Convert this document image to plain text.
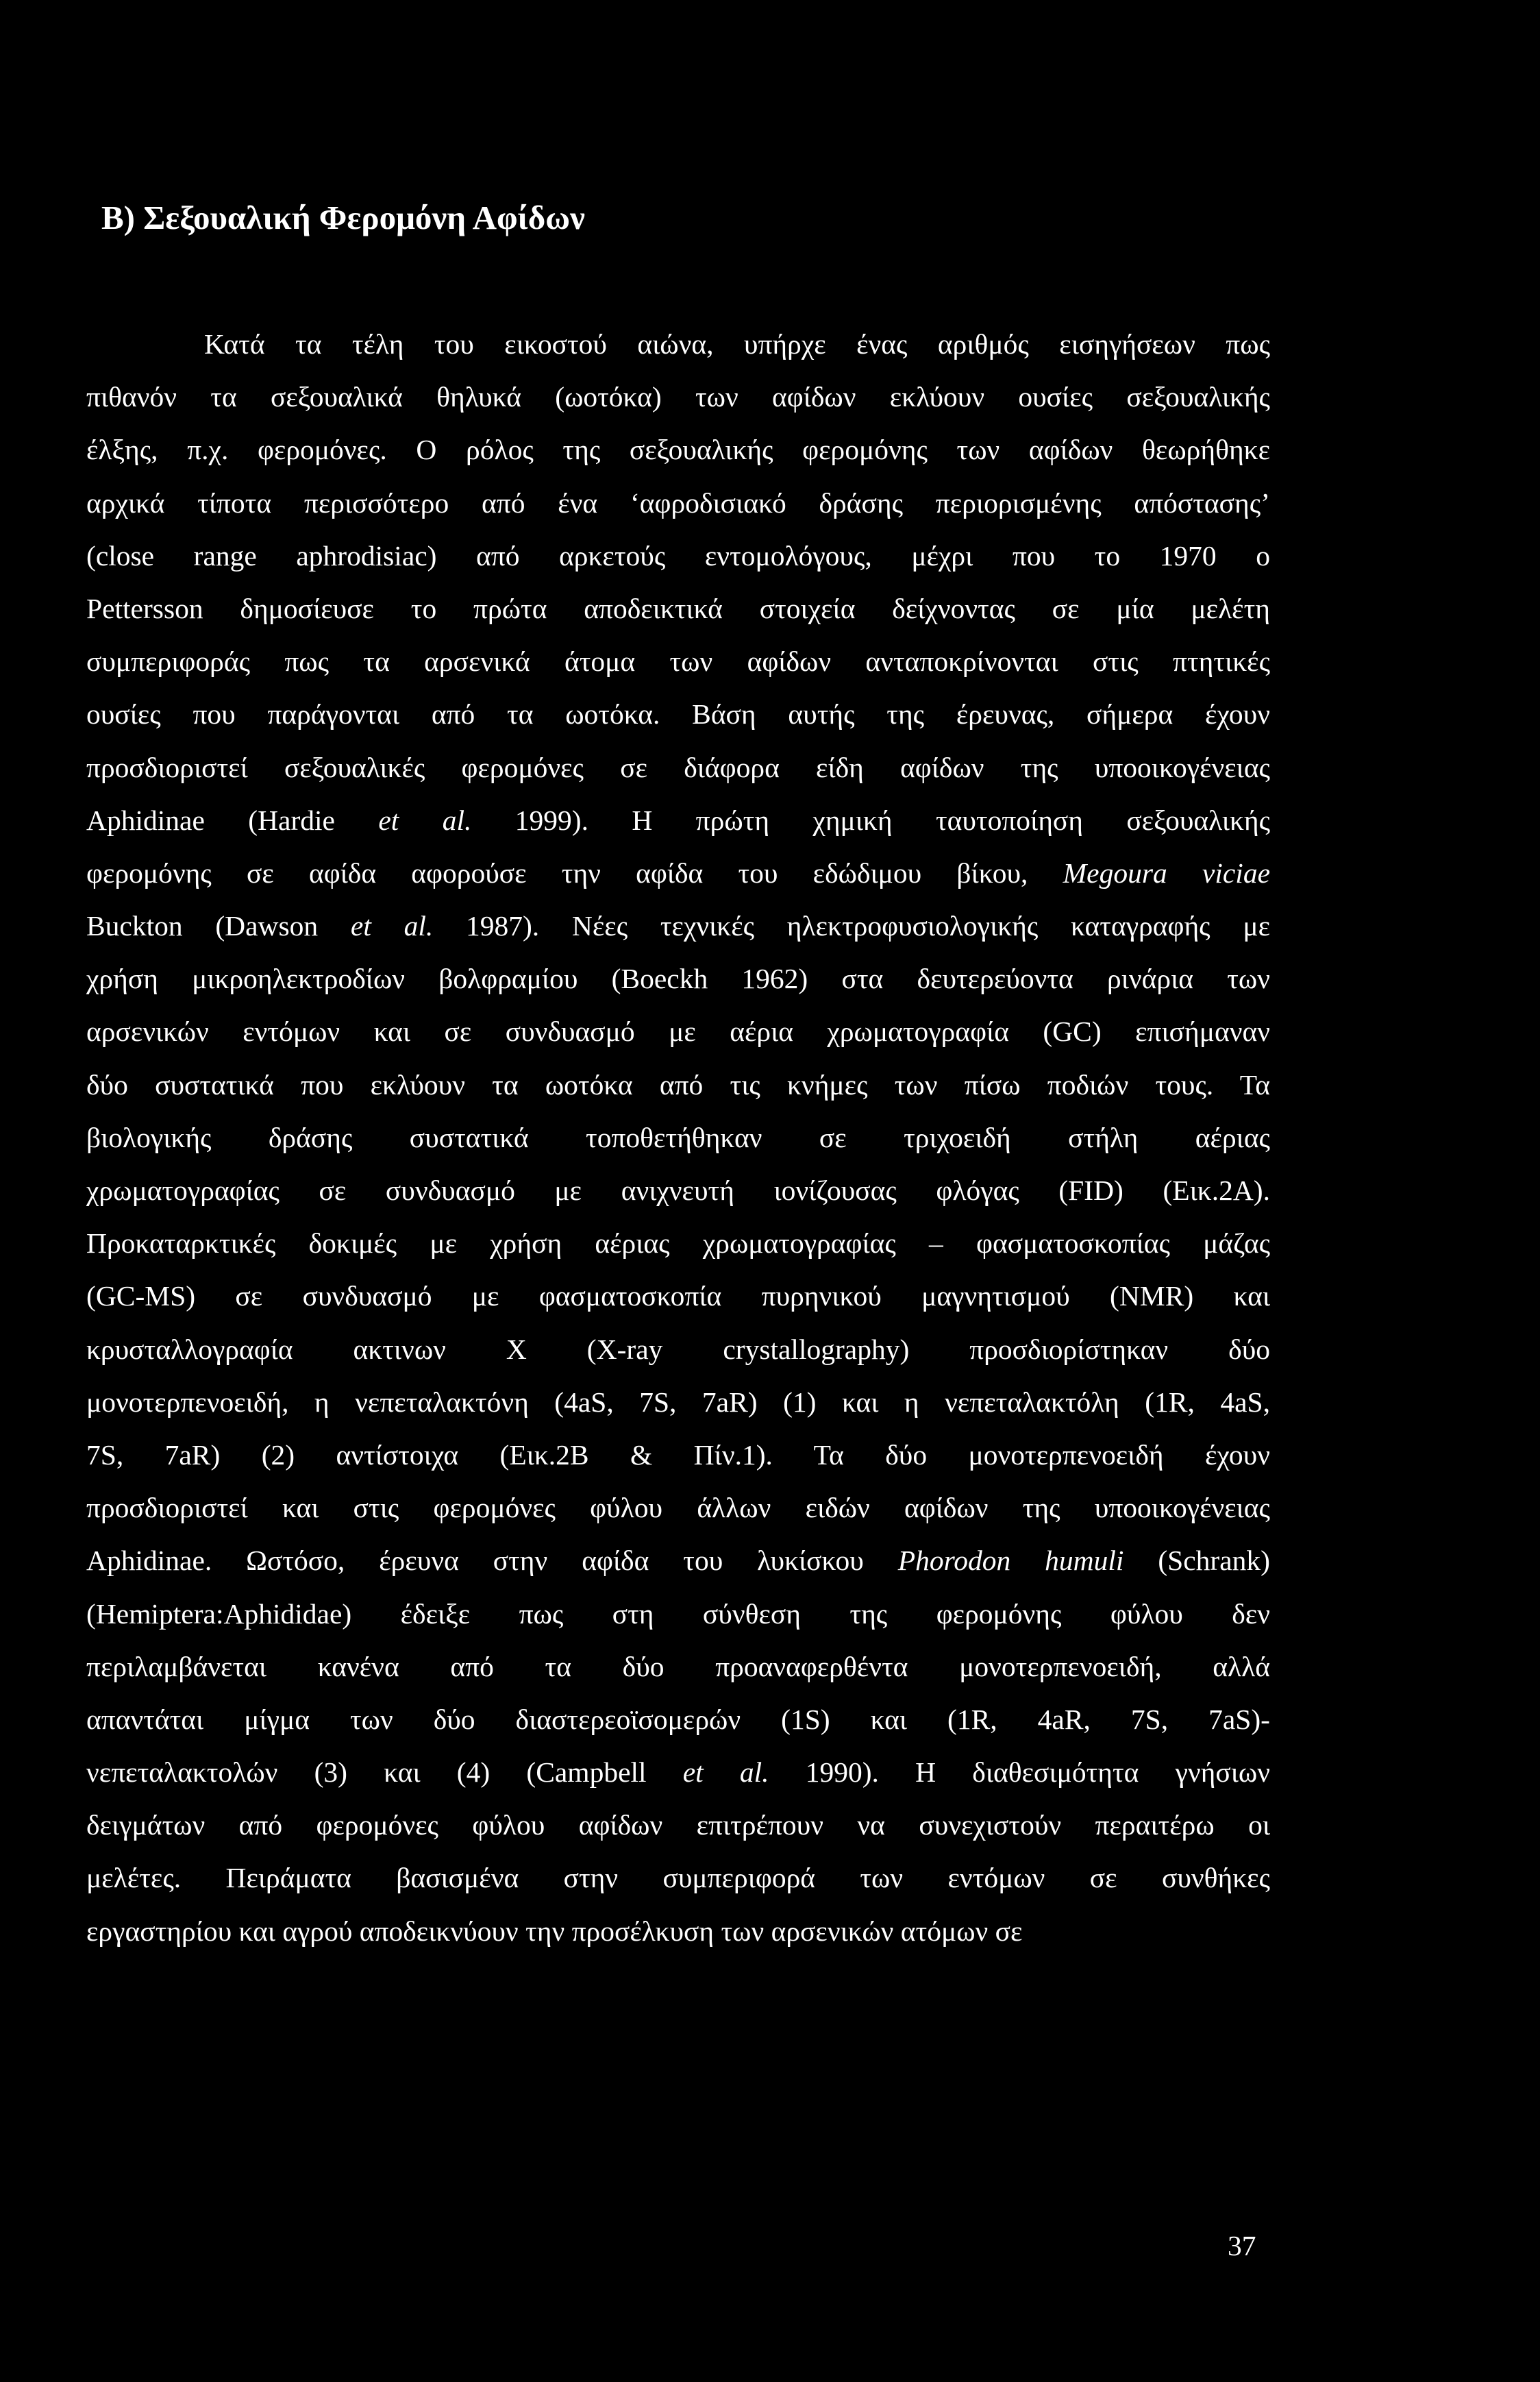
B) Σεξουαλική Φερομόνη Αφίδων
Κατά τα τέλη του εικοστού αιώνα, υπήρχε ένας αριθμός εισηγήσεων πως
πιθανόν τα σεξουαλικά θηλυκά (ωοτόκα) των αφίδων εκλύουν ουσίες σεξουαλικής
έλξης, π.χ. φερομόνες. Ο ρόλος της σεξουαλικής φερομόνης των αφίδων θεωρήθηκε
αρχικά τίποτα περισσότερο από ένα ‘αφροδισιακό δράσης περιορισμένης απόστασης’
(close range aphrodisiac) από αρκετούς εντομολόγους, μέχρι που το 1970 ο
Pettersson δημοσίευσε το πρώτα αποδεικτικά στοιχεία δείχνοντας σε μία μελέτη
συμπεριφοράς πως τα αρσενικά άτομα των αφίδων ανταποκρίνονται στις πτητικές
ουσίες που παράγονται από τα ωοτόκα. Βάση αυτής της έρευνας, σήμερα έχουν
προσδιοριστεί σεξουαλικές φερομόνες σε διάφορα είδη αφίδων της υποοικογένειας
Aphidinae (Hardie et al. 1999). Η πρώτη χημική ταυτοποίηση σεξουαλικής
φερομόνης σε αφίδα αφορούσε την αφίδα του εδώδιμου βίκου, Megoura viciae
Buckton (Dawson et al. 1987). Νέες τεχνικές ηλεκτροφυσιολογικής καταγραφής με
χρήση μικροηλεκτροδίων βολφραμίου (Boeckh 1962) στα δευτερεύοντα ρινάρια των
αρσενικών εντόμων και σε συνδυασμό με αέρια χρωματογραφία (GC) επισήμαναν
δύο συστατικά που εκλύουν τα ωοτόκα από τις κνήμες των πίσω ποδιών τους. Τα
βιολογικής δράσης συστατικά τοποθετήθηκαν σε τριχοειδή στήλη αέριας
χρωματογραφίας σε συνδυασμό με ανιχνευτή ιονίζουσας φλόγας (FID) (Εικ.2Α).
Προκαταρκτικές δοκιμές με χρήση αέριας χρωματογραφίας – φασματοσκοπίας μάζας
(GC-MS) σε συνδυασμό με φασματοσκοπία πυρηνικού μαγνητισμού (NMR) και
κρυσταλλογραφία ακτινων Χ (X-ray crystallography) προσδιορίστηκαν δύο
μονοτερπενοειδή, η νεπεταλακτόνη (4aS, 7S, 7aR) (1) και η νεπεταλακτόλη (1R, 4aS,
7S, 7aR) (2) αντίστοιχα (Εικ.2Β & Πίν.1). Τα δύο μονοτερπενοειδή έχουν
προσδιοριστεί και στις φερομόνες φύλου άλλων ειδών αφίδων της υποοικογένειας
Aphidinae. Ωστόσο, έρευνα στην αφίδα του λυκίσκου Phorodon humuli (Schrank)
(Hemiptera:Aphididae) έδειξε πως στη σύνθεση της φερομόνης φύλου δεν
περιλαμβάνεται κανένα από τα δύο προαναφερθέντα μονοτερπενοειδή, αλλά
απαντάται μίγμα των δύο διαστερεοϊσομερών (1S) και (1R, 4aR, 7S, 7aS)-
νεπεταλακτολών (3) και (4) (Campbell et al. 1990). Η διαθεσιμότητα γνήσιων
δειγμάτων από φερομόνες φύλου αφίδων επιτρέπουν να συνεχιστούν περαιτέρω οι
μελέτες. Πειράματα βασισμένα στην συμπεριφορά των εντόμων σε συνθήκες
εργαστηρίου και αγρού αποδεικνύουν την προσέλκυση των αρσενικών ατόμων σε
37
